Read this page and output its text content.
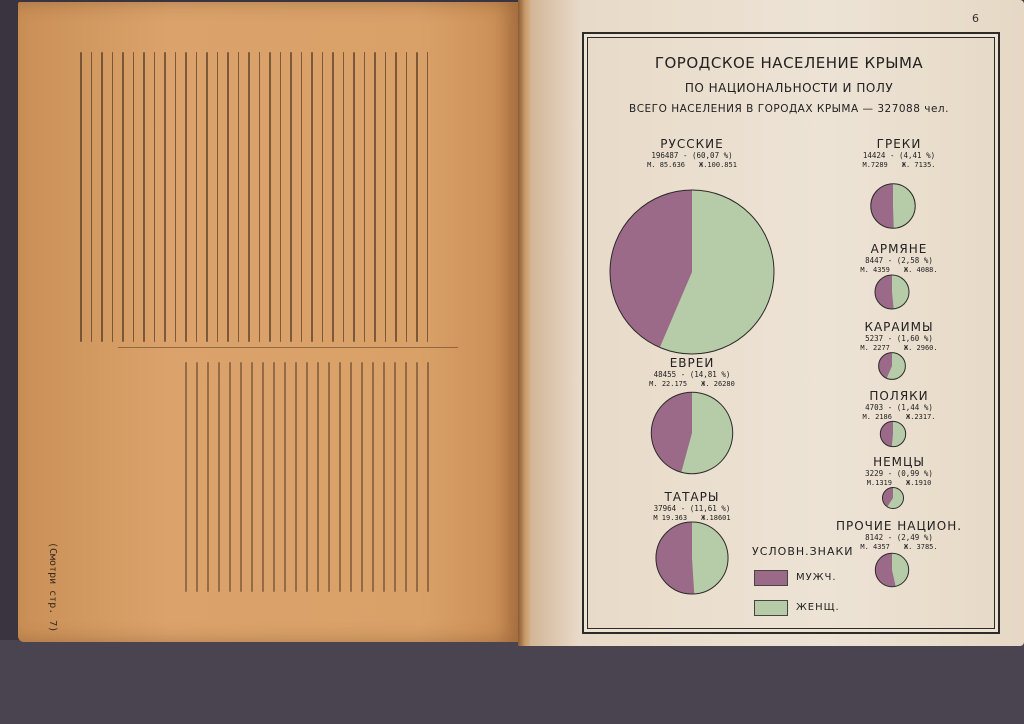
(Смотри стр. 7)
6
ГОРОДСКОЕ НАСЕЛЕНИЕ КРЫМА
ПО НАЦИОНАЛЬНОСТИ И ПОЛУ
ВСЕГО НАСЕЛЕНИЯ В ГОРОДАХ КРЫМА — 327088 чел.
РУССКИЕ
196487 - (60,07 %)
М. 85.636 Ж.100.851
ГРЕКИ
14424 - (4,41 %)
М.7289 Ж. 7135.
АРМЯНЕ
8447 - (2,58 %)
М. 4359 Ж. 4088.
КАРАИМЫ
5237 - (1,60 %)
М. 2277 Ж. 2960.
ПОЛЯКИ
4703 - (1,44 %)
М. 2186 Ж.2317.
НЕМЦЫ
3229 - (0,99 %)
М.1319 Ж.1910
ПРОЧИЕ НАЦИОН.
8142 - (2,49 %)
М. 4357 Ж. 3785.
ЕВРЕИ
48455 - (14,81 %)
М. 22.175 Ж. 26280
ТАТАРЫ
37964 - (11,61 %)
М 19.363 Ж.18601
УСЛОВН.ЗНАКИ
МУЖЧ.
ЖЕНЩ.
